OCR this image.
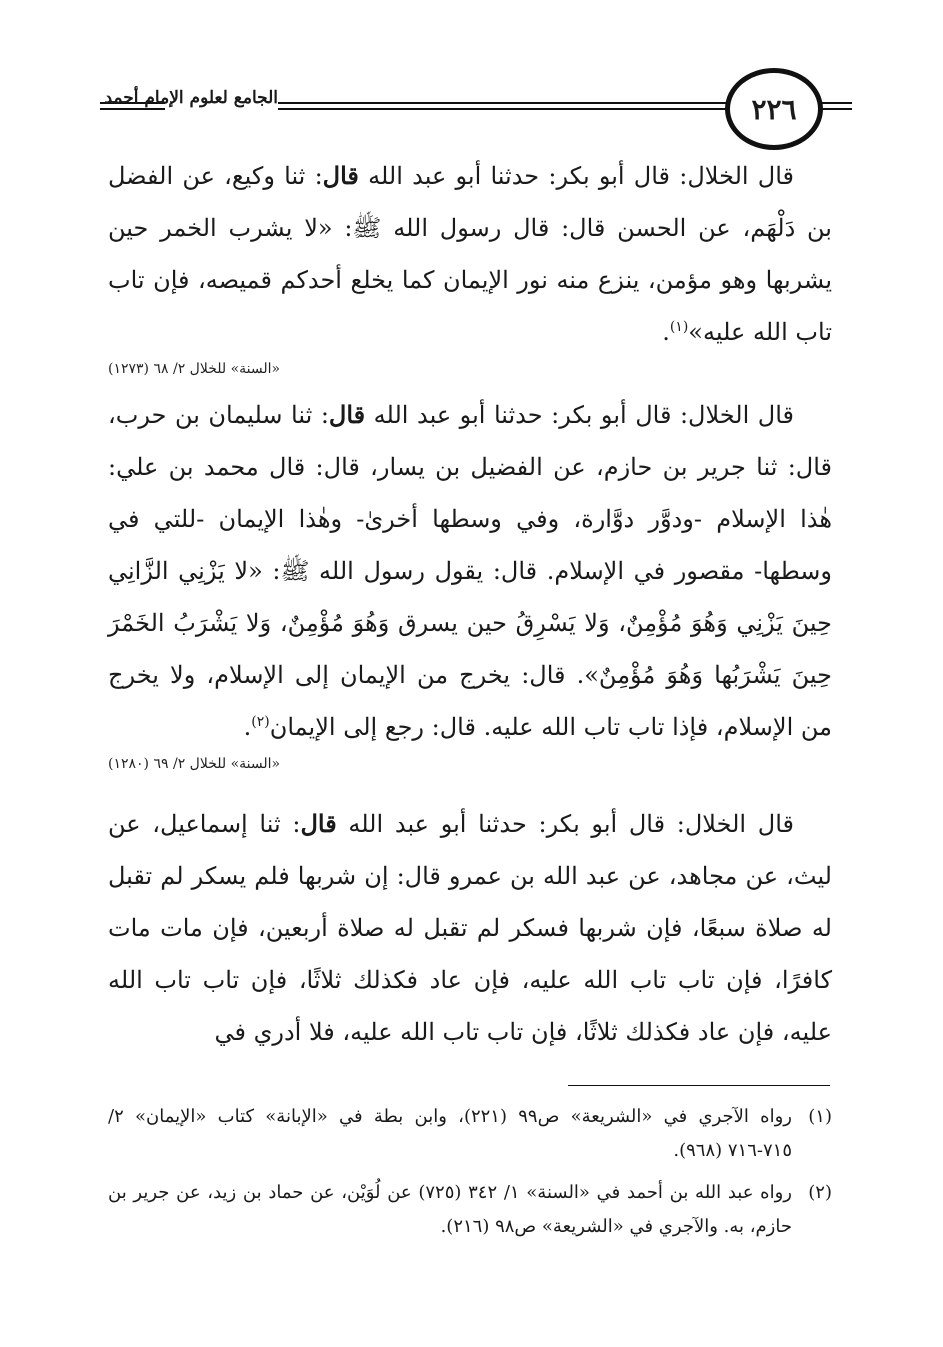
الجامع لعلوم الإمام أحمد	٢٢٦

قال الخلال: قال أبو بكر: حدثنا أبو عبد الله قال: ثنا وكيع، عن الفضل بن دَلْهَم، عن الحسن قال: قال رسول الله ﷺ: «لا يشرب الخمر حين يشربها وهو مؤمن، ينزع منه نور الإيمان كما يخلع أحدكم قميصه، فإن تاب تاب الله عليه»$^{(١)}$.

«السنة» للخلال ٢/ ٦٨ (١٢٧٣)

قال الخلال: قال أبو بكر: حدثنا أبو عبد الله قال: ثنا سليمان بن حرب، قال: ثنا جرير بن حازم، عن الفضيل بن يسار، قال: قال محمد بن علي: هٰذا الإسلام -ودوَّر دوَّارة، وفي وسطها أخرىٰ- وهٰذا الإيمان -للتي في وسطها- مقصور في الإسلام. قال: يقول رسول الله ﷺ: «لا يَزْنِي الزَّانِي حِينَ يَزْنِي وَهُوَ مُؤْمِنٌ، وَلا يَسْرِقُ حين يسرق وَهُوَ مُؤْمِنٌ، وَلا يَشْرَبُ الخَمْرَ حِينَ يَشْرَبُها وَهُوَ مُؤْمِنٌ». قال: يخرج من الإيمان إلى الإسلام، ولا يخرج من الإسلام، فإذا تاب تاب الله عليه. قال: رجع إلى الإيمان$^{(٢)}$.

«السنة» للخلال ٢/ ٦٩ (١٢٨٠)

قال الخلال: قال أبو بكر: حدثنا أبو عبد الله قال: ثنا إسماعيل، عن ليث، عن مجاهد، عن عبد الله بن عمرو قال: إن شربها فلم يسكر لم تقبل له صلاة سبعًا، فإن شربها فسكر لم تقبل له صلاة أربعين، فإن مات مات كافرًا، فإن تاب تاب الله عليه، فإن عاد فكذلك ثلاثًا، فإن تاب تاب الله عليه، فإن عاد فكذلك ثلاثًا، فإن تاب تاب الله عليه، فلا أدري في

(١)
رواه الآجري في «الشريعة» ص٩٩ (٢٢١)، وابن بطة في «الإبانة» كتاب «الإيمان» ٢/ ٧١٥-٧١٦ (٩٦٨).
(٢)
رواه عبد الله بن أحمد في «السنة» ١/ ٣٤٢ (٧٢٥) عن لُوَيْن، عن حماد بن زيد، عن جرير بن حازم، به. والآجري في «الشريعة» ص٩٨ (٢١٦).
